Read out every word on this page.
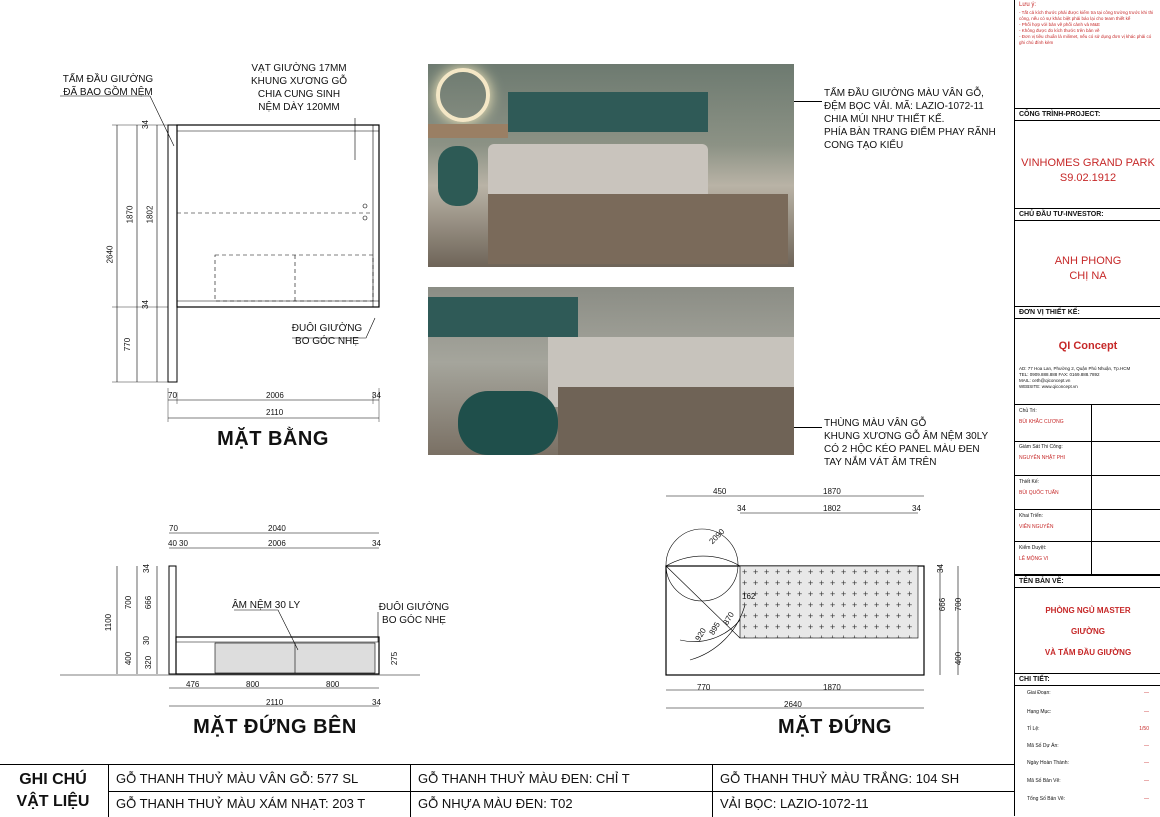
TẤM ĐẦU GIƯỜNG
ĐÃ BAO GỒM NỆM
VẠT GIƯỜNG 17MM
KHUNG XƯƠNG GỖ
CHIA CUNG SINH
NỆM DÀY 120MM
ĐUÔI GIƯỜNG
BO GÓC NHẸ
MẶT BẰNG
34
1870 1802
34
770
2640
70	2006	34
2110
TẤM ĐẦU GIƯỜNG MÀU VÂN GỖ,
ĐỆM BỌC VẢI. MÃ: LAZIO-1072-11
CHIA MÚI NHƯ THIẾT KẾ.
PHÍA BÀN TRANG ĐIỂM PHAY RÃNH
CONG TẠO KIỂU
THÙNG MÀU VÂN GỖ
KHUNG XƯƠNG GỖ ÂM NỆM 30LY
CÓ 2 HỘC KÉO PANEL MÀU ĐEN
TAY NẮM VÁT ÂM TRÊN
ÂM NỆM 30 LY	ĐUÔI GIƯỜNG
BO GÓC NHẸ
MẶT ĐỨNG BÊN
70	2040
40 30	2006	34
34
700 666
1100
30
400 320	275
476	800	800
2110	34
MẶT ĐỨNG
450	1870
34	1802	34
2090
34
666 700
400
770	1870
2640
162
870
895
920
GHI CHÚ
VẬT LIỆU
GỖ THANH THUỶ MÀU VÂN GỖ: 577 SL	GỖ THANH THUỶ MÀU ĐEN: CHỈ T	GỖ THANH THUỶ MÀU TRẮNG: 104 SH
GỖ THANH THUỶ MÀU XÁM NHẠT: 203 T	GỖ NHỰA MÀU ĐEN: T02	VẢI BỌC: LAZIO-1072-11
Lưu ý:
- Tất cả kích thước phải được kiểm tra tại công trường trước khi thi công, nếu có sự khác biệt phải báo lại cho team thiết kế
- Phối hợp với bản vẽ phối cảnh và M&E
- Không được đo kích thước trên bản vẽ
- Đơn vị tiêu chuẩn là milimet, nếu có sử dụng đơn vị khác phải có ghi chú đính kèm
CÔNG TRÌNH-PROJECT:
VINHOMES GRAND PARK
S9.02.1912
CHỦ ĐẦU TƯ-INVESTOR:
ANH PHONG
CHỊ NA
ĐƠN VỊ THIẾT KẾ:
QI Concept
AD: 77 Hoa Lan, Phường 2, Quận Phú Nhuận, Tp.HCM
TEL: 0909.888.888 FAX: 0169.888.7892
MAIL: ceth@qiconcept.vn
WEBSITE: www.qiconcept.vn
Chủ Trì:
BÙI KHẮC CƯƠNG
Giám Sát Thi Công:
NGUYỄN NHẬT PHI
Thiết Kế:
BÙI QUỐC TUẤN
Khai Triển:
VIỄN NGUYỄN
Kiểm Duyệt:
LÊ MỘNG VI
TÊN BẢN VẼ:
PHÒNG NGỦ MASTER
GIƯỜNG
VÀ TẤM ĐẦU GIƯỜNG
CHI TIẾT:
Giai Đoạn:	—
Hạng Mục:	—
Tỉ Lệ:	1/50
Mã Số Dự Án:	—
Ngày Hoàn Thành:	—
Mã Số Bản Vẽ:	—
Tổng Số Bản Vẽ:	—
